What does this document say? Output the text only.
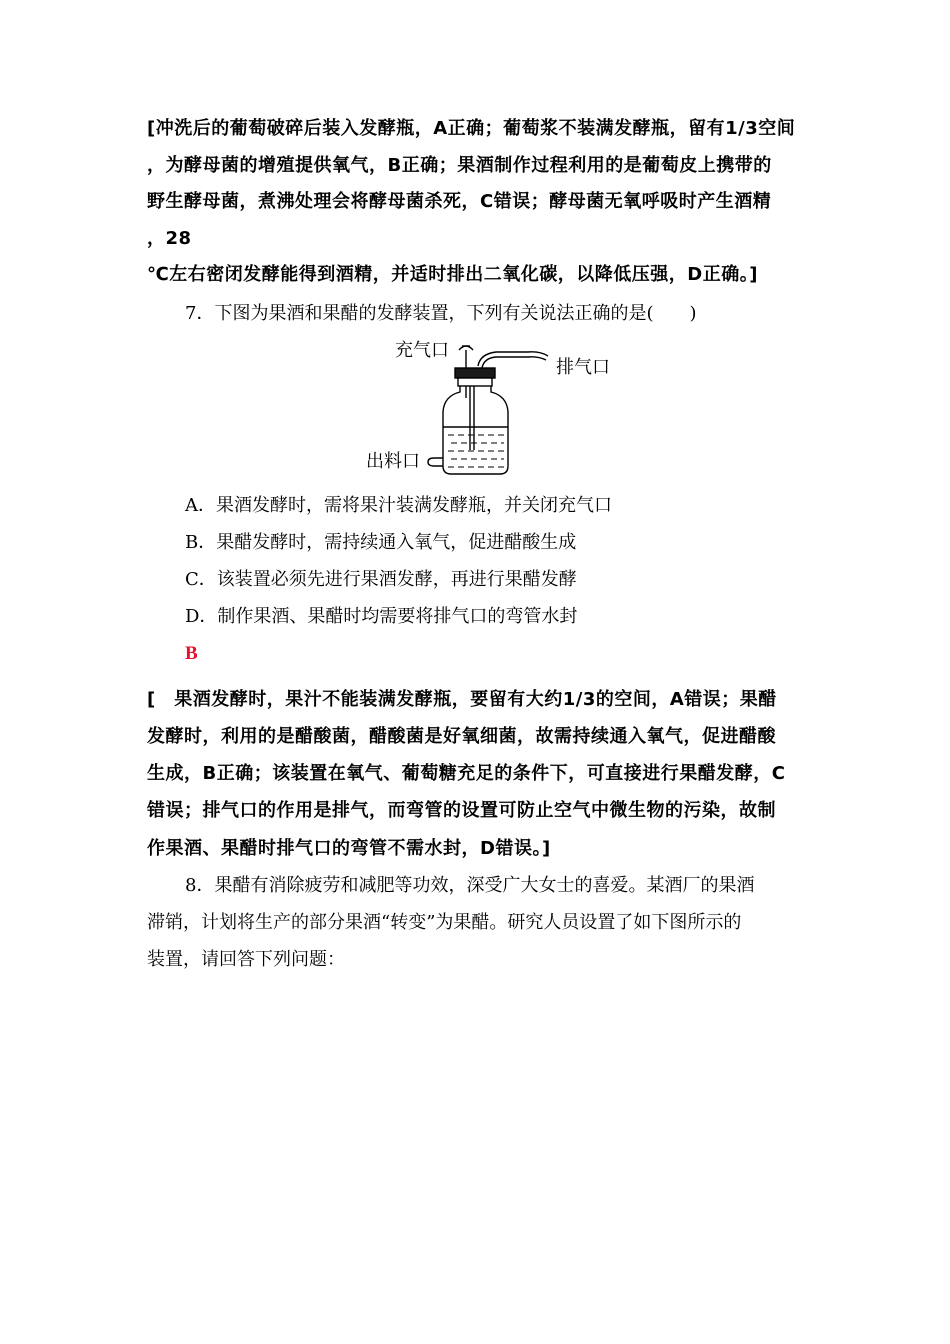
[冲洗后的葡萄破碎后装入发酵瓶，A正确；葡萄浆不装满发酵瓶，留有1/3空间
，为酵母菌的增殖提供氧气，B正确；果酒制作过程利用的是葡萄皮上携带的
野生酵母菌，煮沸处理会将酵母菌杀死，C错误；酵母菌无氧呼吸时产生酒精
，28
℃左右密闭发酵能得到酒精，并适时排出二氧化碳，以降低压强，D正确。]
7．下图为果酒和果醋的发酵装置，下列有关说法正确的是(　　)
充气口
排气口
出料口
A．果酒发酵时，需将果汁装满发酵瓶，并关闭充气口
B．果醋发酵时，需持续通入氧气，促进醋酸生成
C．该装置必须先进行果酒发酵，再进行果醋发酵
D．制作果酒、果醋时均需要将排气口的弯管水封
B
[　果酒发酵时，果汁不能装满发酵瓶，要留有大约1/3的空间，A错误；果醋
发酵时，利用的是醋酸菌，醋酸菌是好氧细菌，故需持续通入氧气，促进醋酸
生成，B正确；该装置在氧气、葡萄糖充足的条件下，可直接进行果醋发酵，C
错误；排气口的作用是排气，而弯管的设置可防止空气中微生物的污染，故制
作果酒、果醋时排气口的弯管不需水封，D错误。]
8．果醋有消除疲劳和减肥等功效，深受广大女士的喜爱。某酒厂的果酒
滞销，计划将生产的部分果酒“转变”为果醋。研究人员设置了如下图所示的
装置，请回答下列问题：
